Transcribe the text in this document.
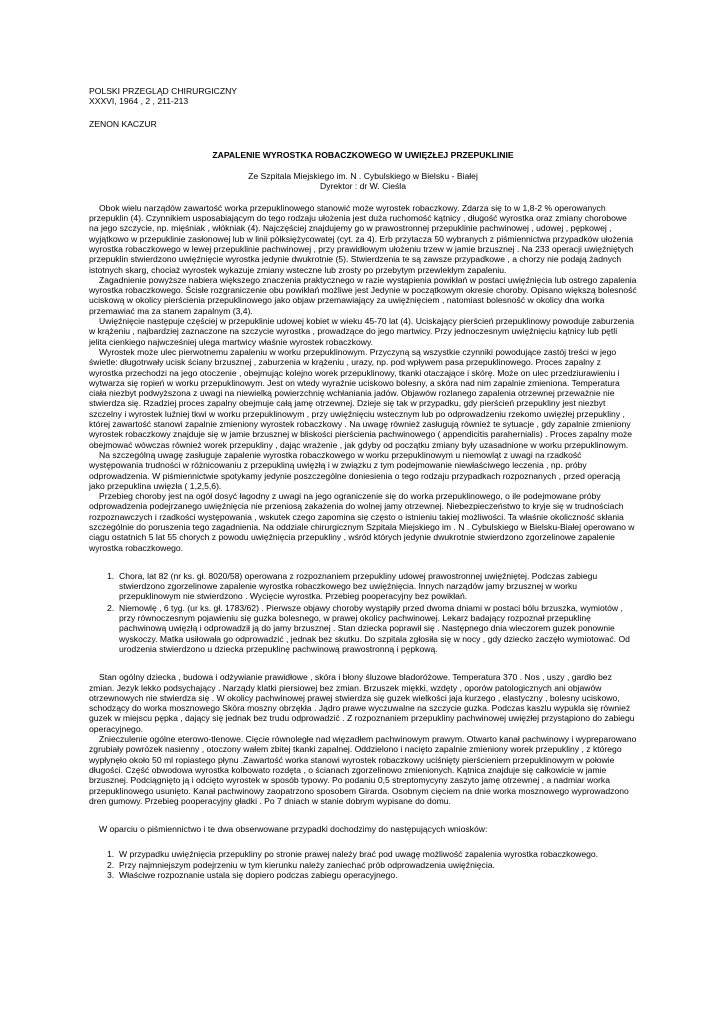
POLSKI PRZEGLĄD CHIRURGICZNY

XXXVI, 1964 , 2 , 211-213

ZENON KACZUR

ZAPALENIE WYROSTKA ROBACZKOWEGO W UWIĘZŁEJ PRZEPUKLINIE

Ze Szpitala Miejskiego im. N . Cybulskiego w Bielsku - Białej

Dyrektor : dr W. Cieśla

Obok wielu narządów zawartość worka przepuklinowego stanowić może wyrostek robaczkowy. Zdarza się to w 1,8-2 % operowanych przepuklin (4). Czynnikiem usposabiającym do tego rodzaju ułożenia jest duża ruchomość kątnicy , długość wyrostka oraz zmiany chorobowe na jego szczycie, np. mięśniak , włókniak (4). Najczęściej znajdujemy go w prawostronnej przepuklinie pachwinowej , udowej , pępkowej , wyjątkowo w przepuklinie zasłonowej lub w linii półksiężycowatej (cyt. za 4). Erb przytacza 50 wybranych z piśmiennictwa przypadków ułożenia wyrostka robaczkowego w lewej przepuklinie pachwinowej , przy prawidłowym ułożeniu trzew w jamie brzusznej . Na 233 operacji uwięźniętych przepuklin stwierdzono uwięźnięcie wyrostka jedynie dwukrotnie (5). Stwierdzenia te są zawsze przypadkowe , a chorzy nie podają żadnych istotnych skarg, chociaż wyrostek wykazuje zmiany wsteczne lub zrosty po przebytym przewlekłym zapaleniu.

Zagadnienie powyższe nabiera większego znaczenia praktycznego w razie wystąpienia powikłań w postaci uwięźnięcia lub ostrego zapalenia wyrostka robaczkowego. Ścisłe rozgraniczenie obu powikłań możliwe jest Jedynie w początkowym okresie choroby. Opisano większą bolesność uciskową w okolicy pierścienia przepuklinowego jako objaw przemawiający za uwięźnięciem , natomiast bolesność w okolicy dna worka przemawiać ma za stanem zapalnym (3,4).

Uwięźnięcie następuje częściej w przepuklinie udowej kobiet w wieku 45-70 lat (4). Uciskający pierścień przepuklinowy powoduje zaburzenia w krążeniu , najbardziej zaznaczone na szczycie wyrostka , prowadzące do jego martwicy. Przy jednoczesnym uwięźnięciu kątnicy lub pętli jelita cienkiego najwcześniej ulega martwicy właśnie wyrostek robaczkowy.

Wyrostek może ulec pierwotnemu zapaleniu w worku przepuklinowym. Przyczyną są wszystkie czynniki powodujące zastój treści w jego świetle: długotrwały ucisk ściany brzusznej , zaburzenia w krążeniu , urazy, np. pod wpływem pasa przepuklinowego. Proces zapalny z wyrostka przechodzi na jego otoczenie , obejmując kolejno worek przepuklinowy, tkanki otaczające i skórę. Może on ulec przedziurawieniu i wytwarza się ropień w worku przepuklinowym. Jest on wtedy wyraźnie uciskowo bolesny, a skóra nad nim zapalnie zmieniona. Temperatura ciała niezbyt podwyższona z uwagi na niewielką powierzchnię wchłaniania jadów. Objawów rozlanego zapalenia otrzewnej przeważnie nie stwierdza się. Rzadziej proces zapalny obejmuje całą jamę otrzewnej. Dzieje się tak w przypadku, gdy pierścień przepukliny jest niezbyt szczelny i wyrostek luźniej tkwi w worku przepuklinowym , przy uwięźnięciu wstecznym lub po odprowadzeniu rzekomo uwięzłej przepukliny , której zawartość stanowi zapalnie zmieniony wyrostek robaczkowy . Na uwagę również zasługują również te sytuacje , gdy zapalnie zmieniony wyrostek robaczkowy znajduje się w jamie brzusznej w bliskości pierścienia pachwinowego ( appendicitis parahernialis) . Proces zapalny może obejmować wówczas również worek przepukliny , dając wrażenie , jak gdyby od początku zmiany były uzasadnione w worku przepuklinowym.

Na szczególną uwagę zasługuje zapalenie wyrostka robaczkowego w worku przepuklinowym u niemowląt z uwagi na rzadkość występowania trudności w różnicowaniu z przepukliną uwięzłą i w związku z tym podejmowanie niewłaściwego leczenia , np. próby odprowadzenia. W piśmiennictwie spotykamy jedynie poszczególne doniesienia o tego rodzaju przypadkach rozpoznanych , przed operacją jako przepuklina uwięzła ( 1,2,5,6).

Przebieg choroby jest na ogół dosyć łagodny z uwagi na jego ograniczenie się do worka przepuklinowego, o ile podejmowane próby odprowadzenia podejrzanego uwięźnięcia nie przeniosą zakażenia do wolnej jamy otrzewnej. Niebezpieczeństwo to kryje się w trudnościach rozpoznawczych i rzadkości występowania , wskutek czego zapomina się często o istnieniu takiej możliwości. Ta właśnie okoliczność skłania szczególnie do poruszenia tego zagadnienia. Na oddziale chirurgicznym Szpitala Miejskiego im . N . Cybulskiego w Bielsku-Białej operowano w ciągu ostatnich 5 lat 55 chorych z powodu uwięźnięcia przepukliny , wśród których jedynie dwukrotnie stwierdzono zgorzelinowe zapalenie wyrostka robaczkowego.

1. Chora, lat 82 (nr ks. gł. 8020/58) operowana z rozpoznaniem przepukliny udowej prawostronnej uwięźniętej. Podczas zabiegu stwierdzono zgorzelinowe zapalenie wyrostka robaczkowego bez uwięźnięcia. Innych narządów jamy brzusznej w worku przepuklinowym nie stwierdzono . Wycięcie wyrostka. Przebieg pooperacyjny bez powikłań.
2. Niemowlę , 6 tyg. (ur ks. gł. 1783/62) . Pierwsze objawy choroby wystąpiły przed dwoma dniami w postaci bólu brzuszka, wymiotów , przy równoczesnym pojawieniu się guzka bolesnego, w prawej okolicy pachwinowej. Lekarz badający rozpoznał przepuklinę pachwinową uwięzłą i odprowadził ją do jamy brzusznej . Stan dziecka poprawił się . Następnego dnia wieczorem guzek ponownie wyskoczy. Matka usiłowała go odprowadzić , jednak bez skutku. Do szpitala zgłosiła się w nocy , gdy dziecko zaczęło wymiotować. Od urodzenia stwierdzono u dziecka przepuklinę pachwinową prawostronną i pępkową.

Stan ogólny dziecka , budowa i odżywianie prawidłowe , skóra i błony śluzowe bladoróżowe. Temperatura 370 . Nos , uszy , gardło bez zmian. Jezyk lekko podsychający . Narządy klatki piersiowej bez zmian. Brzuszek miękki, wzdęty , oporów patologicznych ani objawów otrzewnowych nie stwierdza się . W okolicy pachwinowej prawej stwierdza się guzek wielkości jaja kurzego , elastyczny , bolesny uciskowo, schodzący do worka mosznowego Skóra moszny obrzękła . Jądro prawe wyczuwalne na szczycie guzka. Podczas kaszlu wypukla się również guzek w miejscu pępka , dający się jednak bez trudu odprowadzić . Z rozpoznaniem przepukliny pachwinowej uwięzłej przystąpiono do zabiegu operacyjnego.

Znieczulenie ogólne eterowo-tlenowe. Cięcie równoległe nad więzadłem pachwinowym prawym. Otwarto kanał pachwinowy i wypreparowano zgrubiały powrózek nasienny , otoczony wałem zbitej tkanki zapalnej. Oddzielono i nacięto zapalnie zmieniony worek przepukliny , z którego wypłynęło około 50 ml ropiastego płynu .Zawartość worka stanowi wyrostek robaczkowy uciśnięty pierścieniem przepuklinowym w połowie długości. Część obwodowa wyrostka kolbowato rozdęta , o ścianach zgorzelinowo zmienionych. Kątnica znajduje się całkowicie w jamie brzusznej. Podciągnięto ją i odcięto wyrostek w sposób typowy. Po podaniu 0,5 streptomycyny zaszyto jamę otrzewnej , a nadmiar worka przepuklinowego usunięto. Kanał pachwinowy zaopatrzono sposobem Girarda. Osobnym cięciem na dnie worka mosznowego wyprowadzono dren gumowy. Przebieg pooperacyjny gładki . Po 7 dniach w stanie dobrym wypisane do domu.

W oparciu o piśmiennictwo i te dwa obserwowane przypadki dochodzimy do następujących wniosków:

1. W przypadku uwięźnięcia przepukliny po stronie prawej należy brać pod uwagę możliwość zapalenia wyrostka robaczkowego.
2. Przy najmniejszym podejrzeniu w tym kierunku należy zaniechać prób odprowadzenia uwięźnięcia.
3. Właściwe rozpoznanie ustala się dopiero podczas zabiegu operacyjnego.
